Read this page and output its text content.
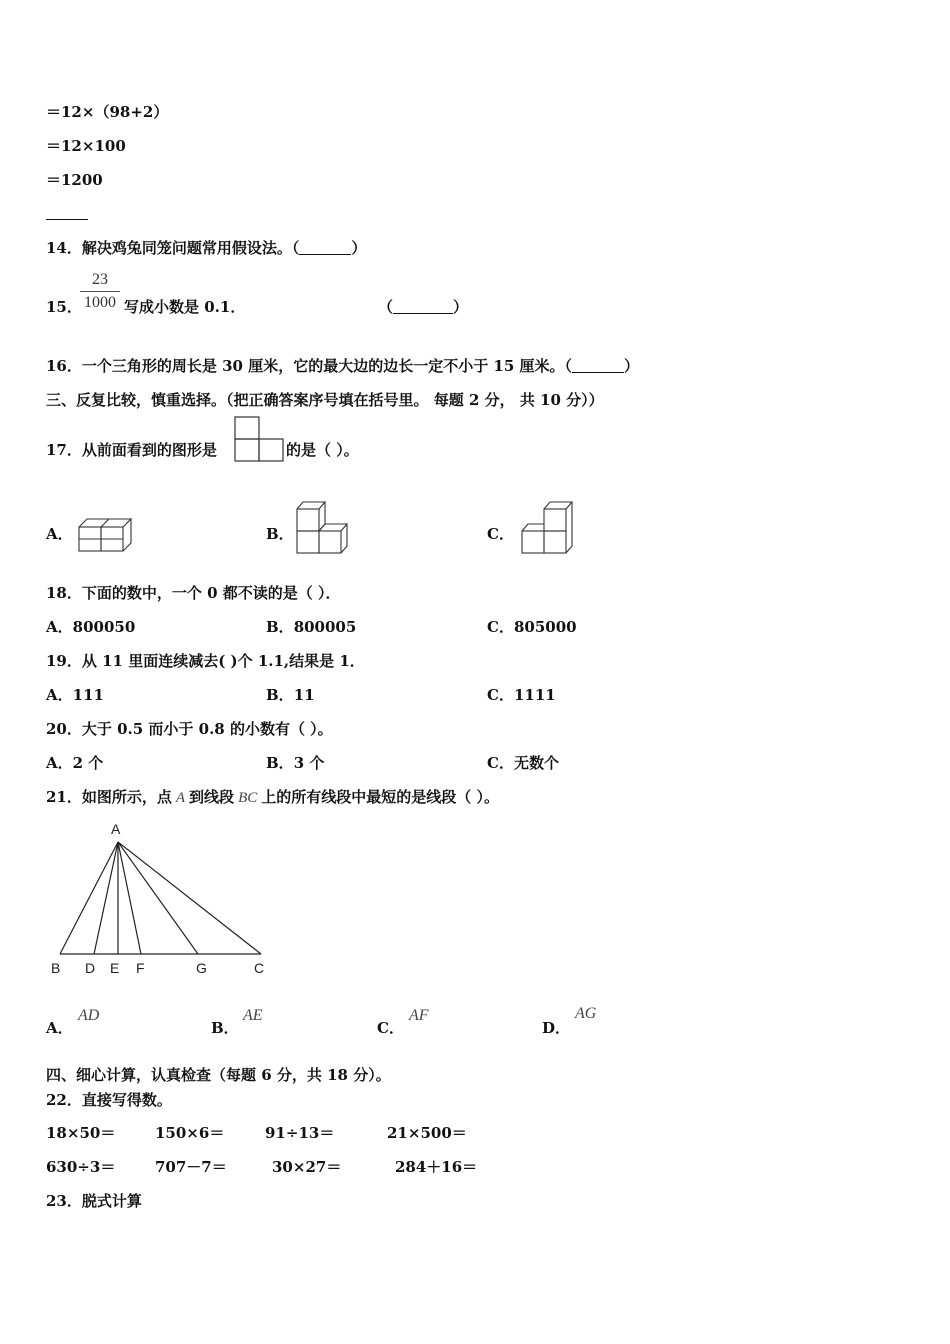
＝12×（98+2）
＝12×100
＝1200
14．解决鸡兔同笼问题常用假设法。（	）
15．
23
1000 写成小数是 0.1．	（	）
16．一个三角形的周长是 30 厘米，它的最大边的边长一定不小于 15 厘米。（	）
三、反复比较，慎重选择。（把正确答案序号填在括号里。 每题 2 分， 共 10 分））
17．从前面看到的图形是	的是（ ）。
A．	B．	C．
18．下面的数中，一个 0 都不读的是（ ）．
A．800050	B．800005	C．805000
19．从 11 里面连续减去( )个 1.1,结果是 1．
A．111	B．11	C．1111
20．大于 0.5 而小于 0.8 的小数有（ ）。
A．2 个	B．3 个	C．无数个
21．如图所示，点 A 到线段 BC 上的所有线段中最短的是线段（ ）。
A
B D E F	G	C
A．
AD
B．
AE
C．
AF
D．
AG
四、细心计算，认真检查（每题 6 分，共 18 分）。
22．直接写得数。
18×50＝	150×6＝	91÷13＝	21×500＝
630÷3＝	707－7＝	30×27＝	284＋16＝
23．脱式计算
